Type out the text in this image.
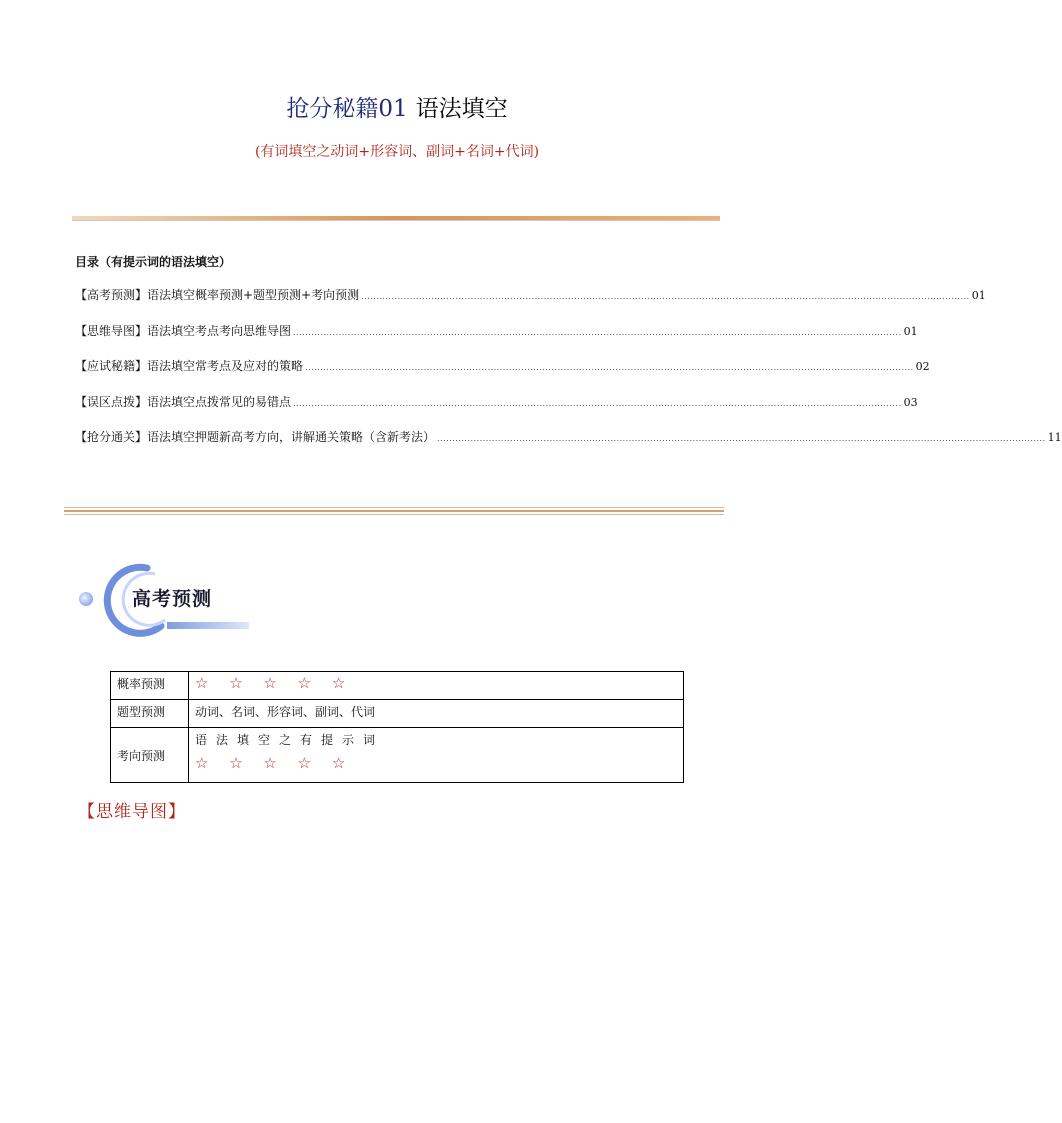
抢分秘籍01 语法填空
(有词填空之动词+形容词、副词+名词+代词)
目录（有提示词的语法填空）
【高考预测】语法填空概率预测+题型预测+考向预测 ........................................................................................................................................................................................................ 01
【思维导图】语法填空考点考向思维导图 ........................................................................................................................................................................................................ 01
【应试秘籍】语法填空常考点及应对的策略 ........................................................................................................................................................................................................ 02
【误区点拨】语法填空点拨常见的易错点 ........................................................................................................................................................................................................ 03
【抢分通关】语法填空押题新高考方向，讲解通关策略（含新考法） ........................................................................................................................................................................................................ 11
高考预测
概率预测	☆ ☆ ☆ ☆ ☆
题型预测	动词、名词、形容词、副词、代词
考向预测	语法填空之有提示词
☆ ☆ ☆ ☆ ☆
【思维导图】
